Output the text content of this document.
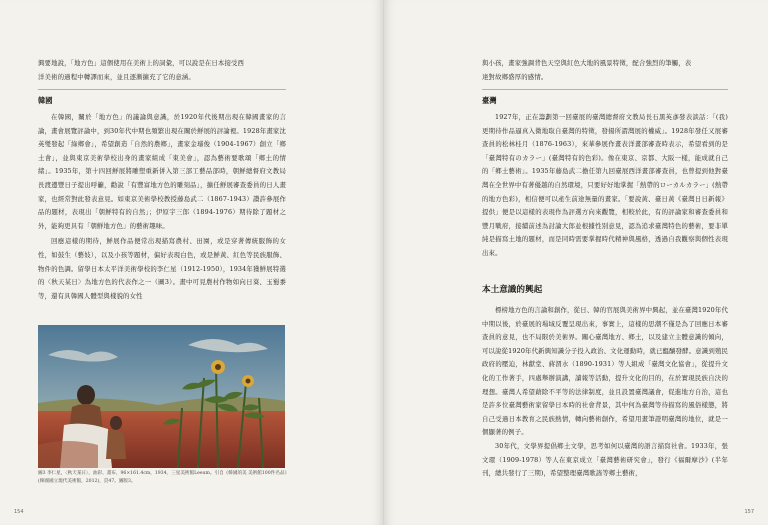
興要地說，「地方色」這個使用在美術上的詞彙，可以說是在日本接受西

洋美術的過程中轉譯而來，並且逐漸擴充了它的意涵。

韓國

在韓國，關於「地方色」的議論與意識，於1920年代後期出現在韓國畫家的言論，畫會展覽評論中，到30年代中期也頻繁出現在關於鮮展的評論裡。1928年畫家沈英燮發起「綠鄉會」，希望創造「自然的農鄉」，畫家金璿俊（1904-1967）創立「鄉土會」，並與東京美術學校出身的畫家組成「東美會」，認為藝術要歌頌「鄉土的情緒」。1935年，第十四回鮮展將雕塑重新併入第三部工藝品部時，朝鮮總督府文教局長渡邊豐日子提出呼籲，勸說「有豐富地方色的雕刻品」，擴任鮮展審查委員的日人畫家，也經常對此發表意見。如東京美術學校教授藤島武二（1867-1943）讚許參展作品的題材，表現出「朝鮮特有的自然」；伊原宇三郎（1894-1976）期待除了題材之外，能夠更具有「朝鮮地方色」的藝術趣味。

回應這樣的期待，鮮展作品便常出現描寫農村、田園，或是穿著傳統服飾的女性，如鼓生（藝妓），以及小孩等題材，偏好表現白色，或是鮮黃、紅色等民族服飾、物件的色調。留學日本太平洋美術學校的李仁星（1912-1950），1934年獲鮮展特選的〈秋天某日〉為地方色的代表作之一（圖3）。畫中可見農村作物如向日葵、玉蜀黍等，還有具韓國人體型與樣貌的女性

圖3 李仁星，〈秋天某日〉，油彩、畫布，96×161.4cm，1934，三星美術館Leeum。引自《韓國的美 美術館100件名品》(韓國國立現代美術館，2012)，頁47。圖版3。
154

與小孩，畫家強調背色天空與紅色大地的風景特徵，配合強烈的筆觸，表

達對故鄉盛厚的感情。

臺灣

1927年，正在籌劃第一回臺展的臺灣總督府文教局長石黑英彥發表談話：「(我)更期待作品逼真入微地取自臺灣的特徵，發揚所謂灣展的權威」。1928年發任又展審查員的松林桂月（1876-1963），來華參展作畫表洋畫部審查時表示，希望看到的是「臺灣特有のカラー」(臺灣特有的色彩)。像在東京、京都、大阪一樣，能成就自己的「鄉土藝術」。1935年藤島武二擔任第九回臺展西洋畫部審查員，也曾提到他對臺灣在全世界中有著優越的自然環境，只要好好地掌握「熱帶的ローカルカラー」(熱帶的地方色彩)，相信便可以產生前途無量的畫家。「要說黃、臺日黃《臺灣日日新報》提供」便是以這樣的表現作為評選方向來觀覽，相較於此，有的評論家和審查委員和豐月戰府，接續前述為討論大郎並根據性別意見，認為追求臺灣特色的藝術，要非單純是描寫土地的題材，而是同時需要掌握時代精神與風格，透過自我觀察與個性表現出來。

本土意識的興起

標榜地方色的言論和創作，從日、韓的官展與美術界中興起，並在臺灣1920年代中期以後，於臺展的場域反覆呈現出來，事實上，這樣的思潮不僅是為了回應日本審查員的意見，也不局限於美術界。關心臺灣地方、鄉土，以及建立主體意識的傾向，可以說從1920年代新興知識分子投入政治、文化運動時，就已醞釀發酵。意識到殖民政府的壓迫，林獻堂、蔣渭水（1890-1931）等人組成「臺灣文化協會」，從提升文化的工作著手，四處舉辦演講，讀報等活動，提升文化的目的，在於實現民族自決的理想。臺灣人希望藉除不平等的法律制度，並且設置臺灣議會，促進地方自治，這也是許多位臺灣藝術家留學日本時的社會背景，其中何為臺灣等待描寫的風俗樣態，將自己受過日本教育之民族熱情，轉向藝術創作，希望用畫筆證明臺灣的地位，就是一個顯著的例子。

30年代，文學界提倡鄉土文學，思考如何以臺灣的語言描寫社會。1933年，張文環（1909-1978）等人在東京成立「臺灣藝術研究會」，發行《福爾摩沙》(半年刊，總共發行了三期)，希望整理臺灣歌謠等鄉土藝術，

157
